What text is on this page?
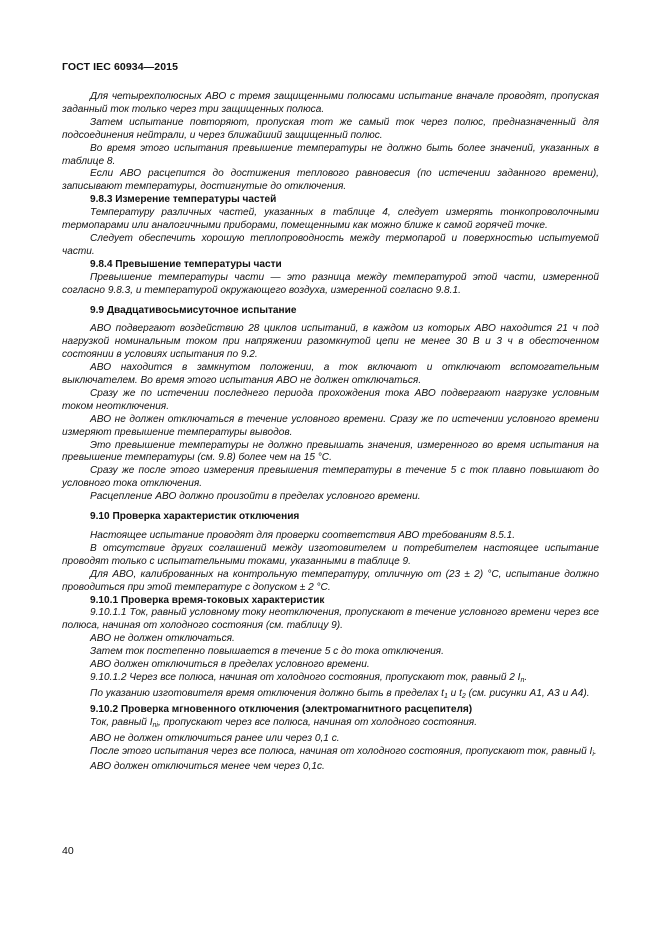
ГОСТ IEC 60934—2015
Для четырехполюсных АВО с тремя защищенными полюсами испытание вначале проводят, пропуская заданный ток только через три защищенных полюса.
Затем испытание повторяют, пропуская тот же самый ток через полюс, предназначенный для подсоединения нейтрали, и через ближайший защищенный полюс.
Во время этого испытания превышение температуры не должно быть более значений, указанных в таблице 8.
Если АВО расцепится до достижения теплового равновесия (по истечении заданного времени), записывают температуры, достигнутые до отключения.
9.8.3 Измерение температуры частей
Температуру различных частей, указанных в таблице 4, следует измерять тонкопроволочными термопарами или аналогичными приборами, помещенными как можно ближе к самой горячей точке.
Следует обеспечить хорошую теплопроводность между термопарой и поверхностью испытуемой части.
9.8.4 Превышение температуры части
Превышение температуры части — это разница между температурой этой части, измеренной согласно 9.8.3, и температурой окружающего воздуха, измеренной согласно 9.8.1.
9.9 Двадцативосьмисуточное испытание
АВО подвергают воздействию 28 циклов испытаний, в каждом из которых АВО находится 21 ч под нагрузкой номинальным током при напряжении разомкнутой цепи не менее 30 В и 3 ч в обесточенном состоянии в условиях испытания по 9.2.
АВО находится в замкнутом положении, а ток включают и отключают вспомогательным выключателем. Во время этого испытания АВО не должен отключаться.
Сразу же по истечении последнего периода прохождения тока АВО подвергают нагрузке условным током неотключения.
АВО не должен отключаться в течение условного времени. Сразу же по истечении условного времени измеряют превышение температуры выводов.
Это превышение температуры не должно превышать значения, измеренного во время испытания на превышение температуры (см. 9.8) более чем на 15 °С.
Сразу же после этого измерения превышения температуры в течение 5 с ток плавно повышают до условного тока отключения.
Расцепление АВО должно произойти в пределах условного времени.
9.10 Проверка характеристик отключения
Настоящее испытание проводят для проверки соответствия АВО требованиям 8.5.1.
В отсутствие других соглашений между изготовителем и потребителем настоящее испытание проводят только с испытательными токами, указанными в таблице 9.
Для АВО, калиброванных на контрольную температуру, отличную от (23 ± 2) °С, испытание должно проводиться при этой температуре с допуском ± 2 °С.
9.10.1 Проверка время-токовых характеристик
9.10.1.1 Ток, равный условному току неотключения, пропускают в течение условного времени через все полюса, начиная от холодного состояния (см. таблицу 9).
АВО не должен отключаться.
Затем ток постепенно повышается в течение 5 с до тока отключения.
АВО должен отключиться в пределах условного времени.
9.10.1.2 Через все полюса, начиная от холодного состояния, пропускают ток, равный 2 $I_n$.
По указанию изготовителя время отключения должно быть в пределах $t_1$ и $t_2$ (см. рисунки А1, А3 и А4).
9.10.2 Проверка мгновенного отключения (электромагнитного расцепителя)
Ток, равный $I_{ni}$, пропускают через все полюса, начиная от холодного состояния.
АВО не должен отключиться ранее или через 0,1 с.
После этого испытания через все полюса, начиная от холодного состояния, пропускают ток, равный $I_i$.
АВО должен отключиться менее чем через 0,1с.
40
